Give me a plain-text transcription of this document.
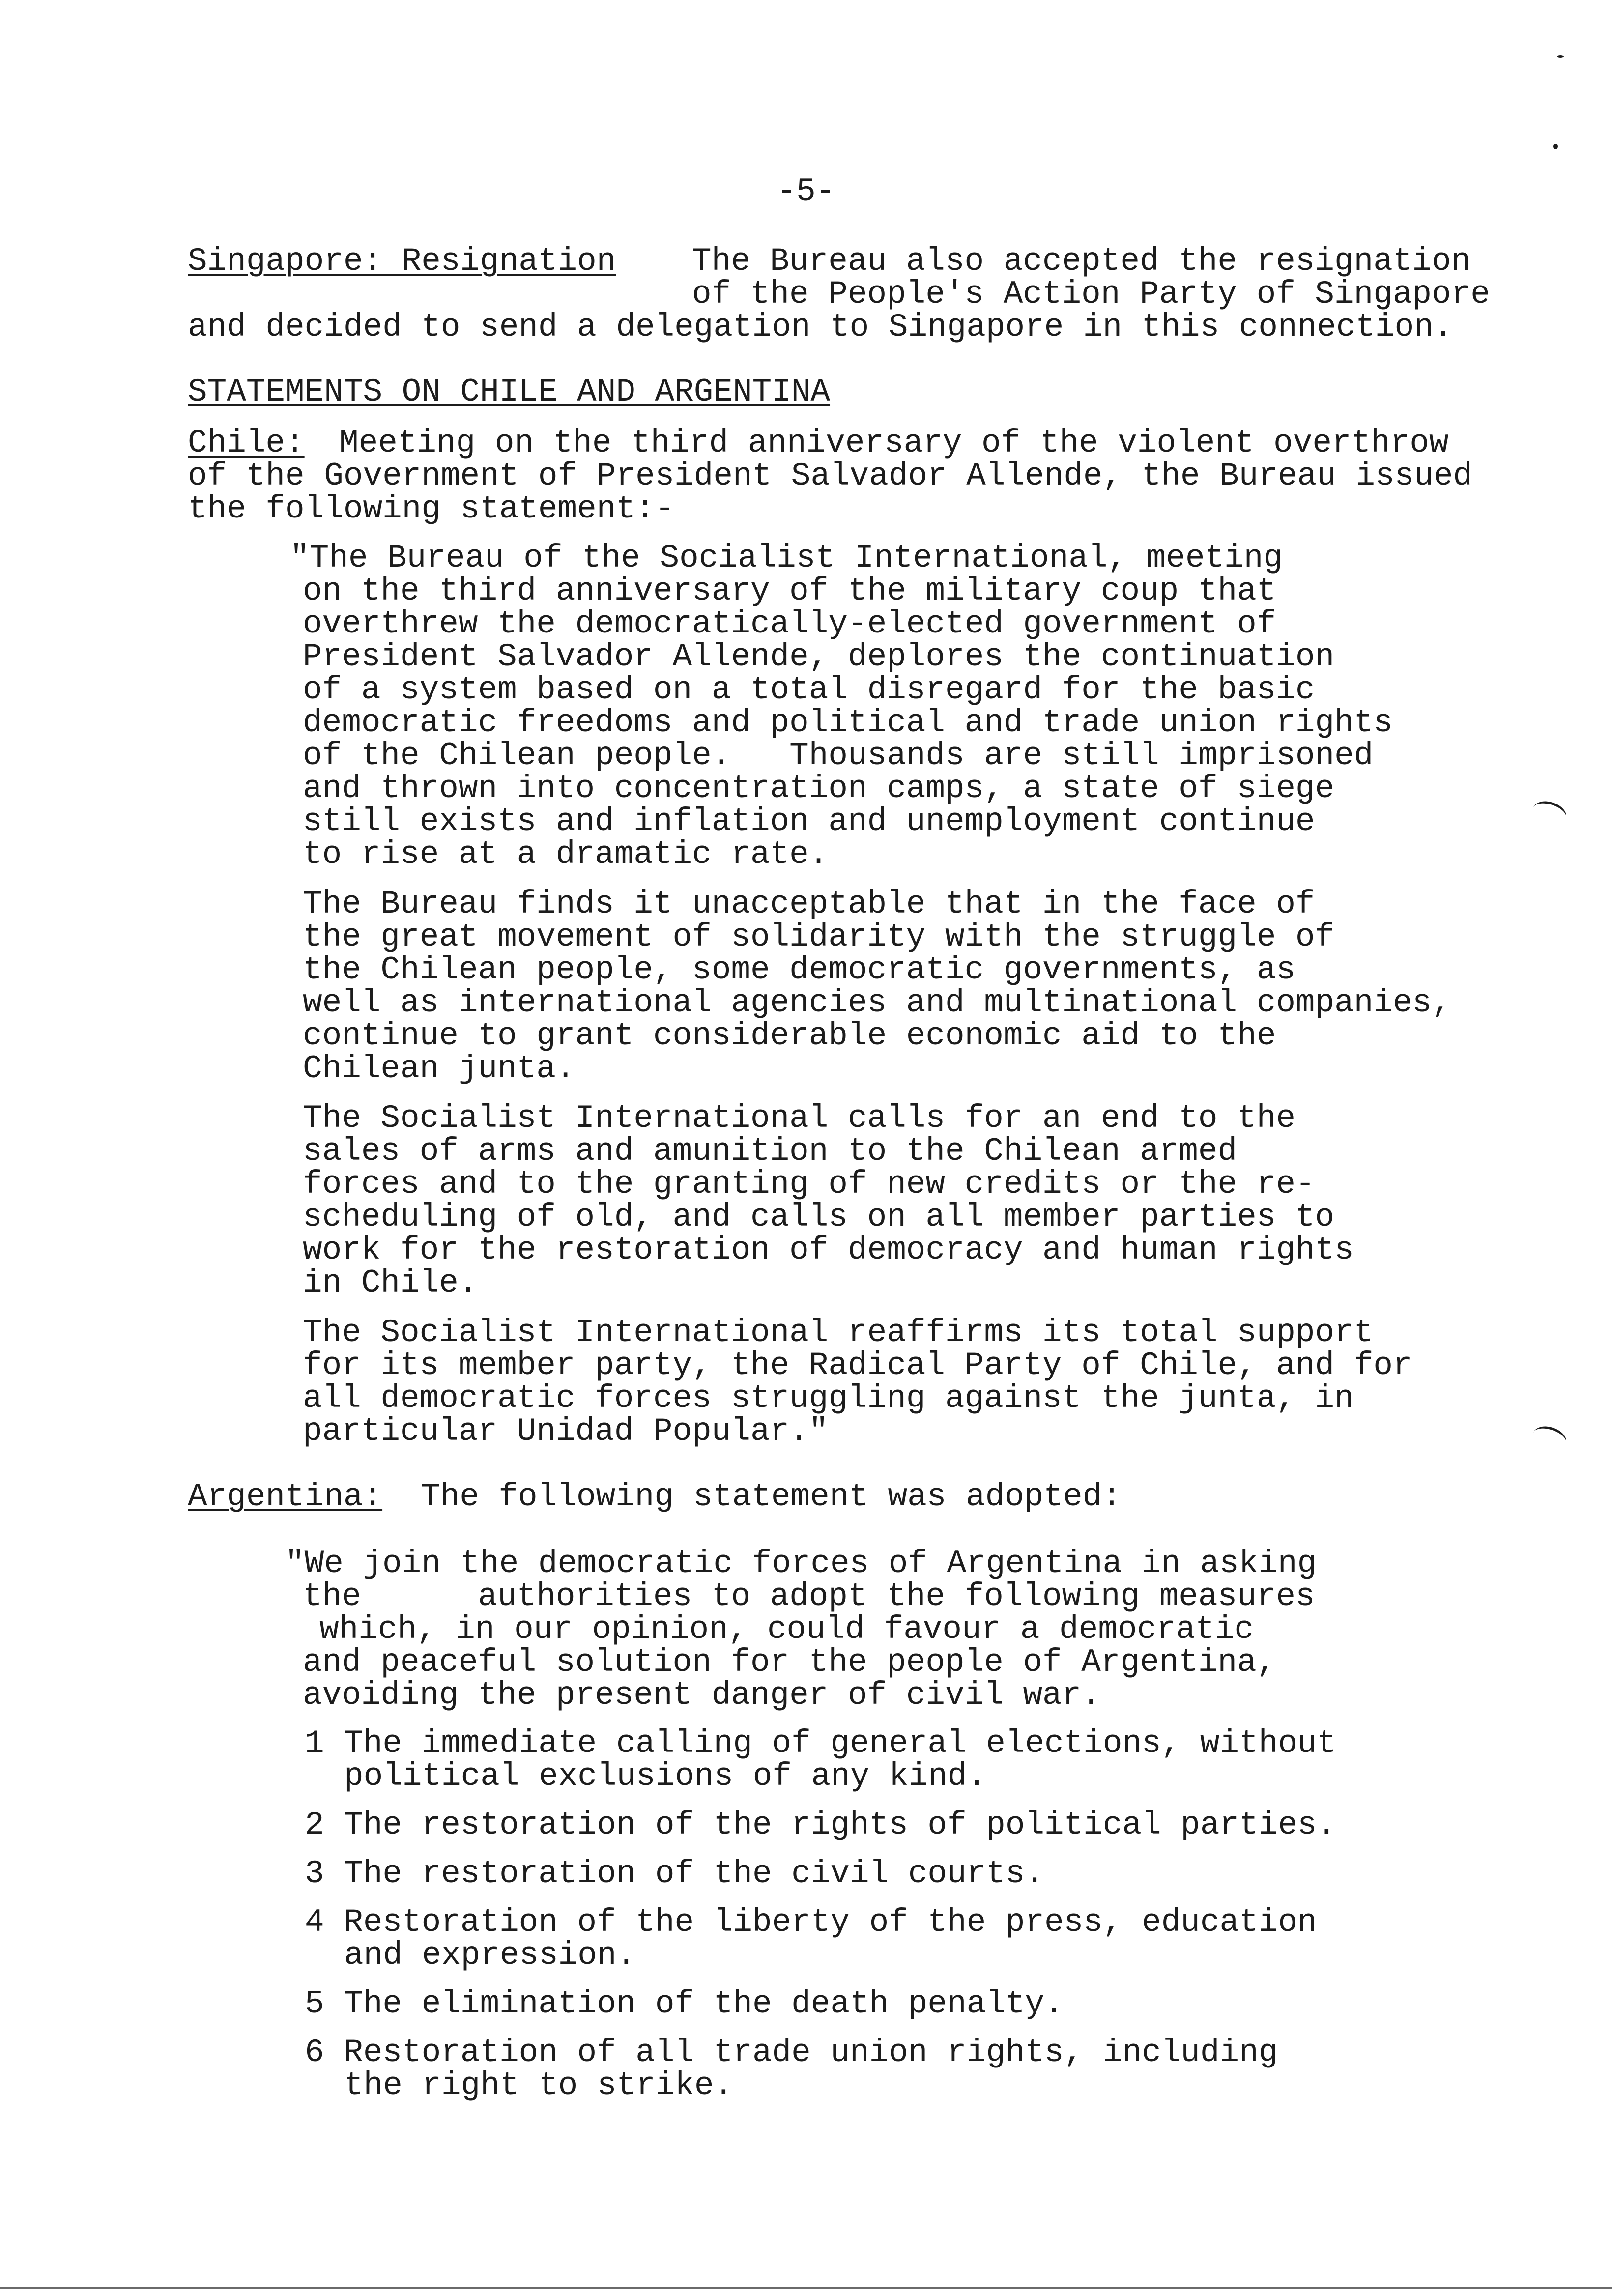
-5-
Singapore: Resignation The Bureau also accepted the resignation
of the People's Action Party of Singapore
and decided to send a delegation to Singapore in this connection.
STATEMENTS ON CHILE AND ARGENTINA
Chile: Meeting on the third anniversary of the violent overthrow
of the Government of President Salvador Allende, the Bureau issued
the following statement:-
"The Bureau of the Socialist International, meeting
on the third anniversary of the military coup that
overthrew the democratically-elected government of
President Salvador Allende, deplores the continuation
of a system based on a total disregard for the basic
democratic freedoms and political and trade union rights
of the Chilean people.   Thousands are still imprisoned
and thrown into concentration camps, a state of siege
still exists and inflation and unemployment continue
to rise at a dramatic rate.
The Bureau finds it unacceptable that in the face of
the great movement of solidarity with the struggle of
the Chilean people, some democratic governments, as
well as international agencies and multinational companies,
continue to grant considerable economic aid to the
Chilean junta.
The Socialist International calls for an end to the
sales of arms and amunition to the Chilean armed
forces and to the granting of new credits or the re-
scheduling of old, and calls on all member parties to
work for the restoration of democracy and human rights
in Chile.
The Socialist International reaffirms its total support
for its member party, the Radical Party of Chile, and for
all democratic forces struggling against the junta, in
particular Unidad Popular."
Argentina: The following statement was adopted:
"We join the democratic forces of Argentina in asking
the      authorities to adopt the following measures
which, in our opinion, could favour a democratic
and peaceful solution for the people of Argentina,
avoiding the present danger of civil war.
1 The immediate calling of general elections, without
political exclusions of any kind.
2 The restoration of the rights of political parties.
3 The restoration of the civil courts.
4 Restoration of the liberty of the press, education
and expression.
5 The elimination of the death penalty.
6 Restoration of all trade union rights, including
the right to strike.
